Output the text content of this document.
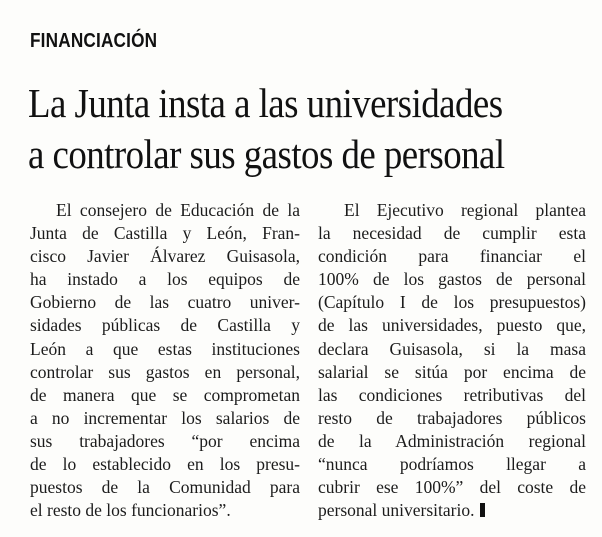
FINANCIACIÓN
La Junta insta a las universidades
a controlar sus gastos de personal
El consejero de Educación de la
Junta de Castilla y León, Fran-
cisco Javier Álvarez Guisasola,
ha instado a los equipos de
Gobierno de las cuatro univer-
sidades públicas de Castilla y
León a que estas instituciones
controlar sus gastos en personal,
de manera que se comprometan
a no incrementar los salarios de
sus trabajadores “por encima
de lo establecido en los presu-
puestos de la Comunidad para
el resto de los funcionarios”.
El Ejecutivo regional plantea
la necesidad de cumplir esta
condición para financiar el
100% de los gastos de personal
(Capítulo I de los presupuestos)
de las universidades, puesto que,
declara Guisasola, si la masa
salarial se sitúa por encima de
las condiciones retributivas del
resto de trabajadores públicos
de la Administración regional
“nunca podríamos llegar a
cubrir ese 100%” del coste de
personal universitario.
